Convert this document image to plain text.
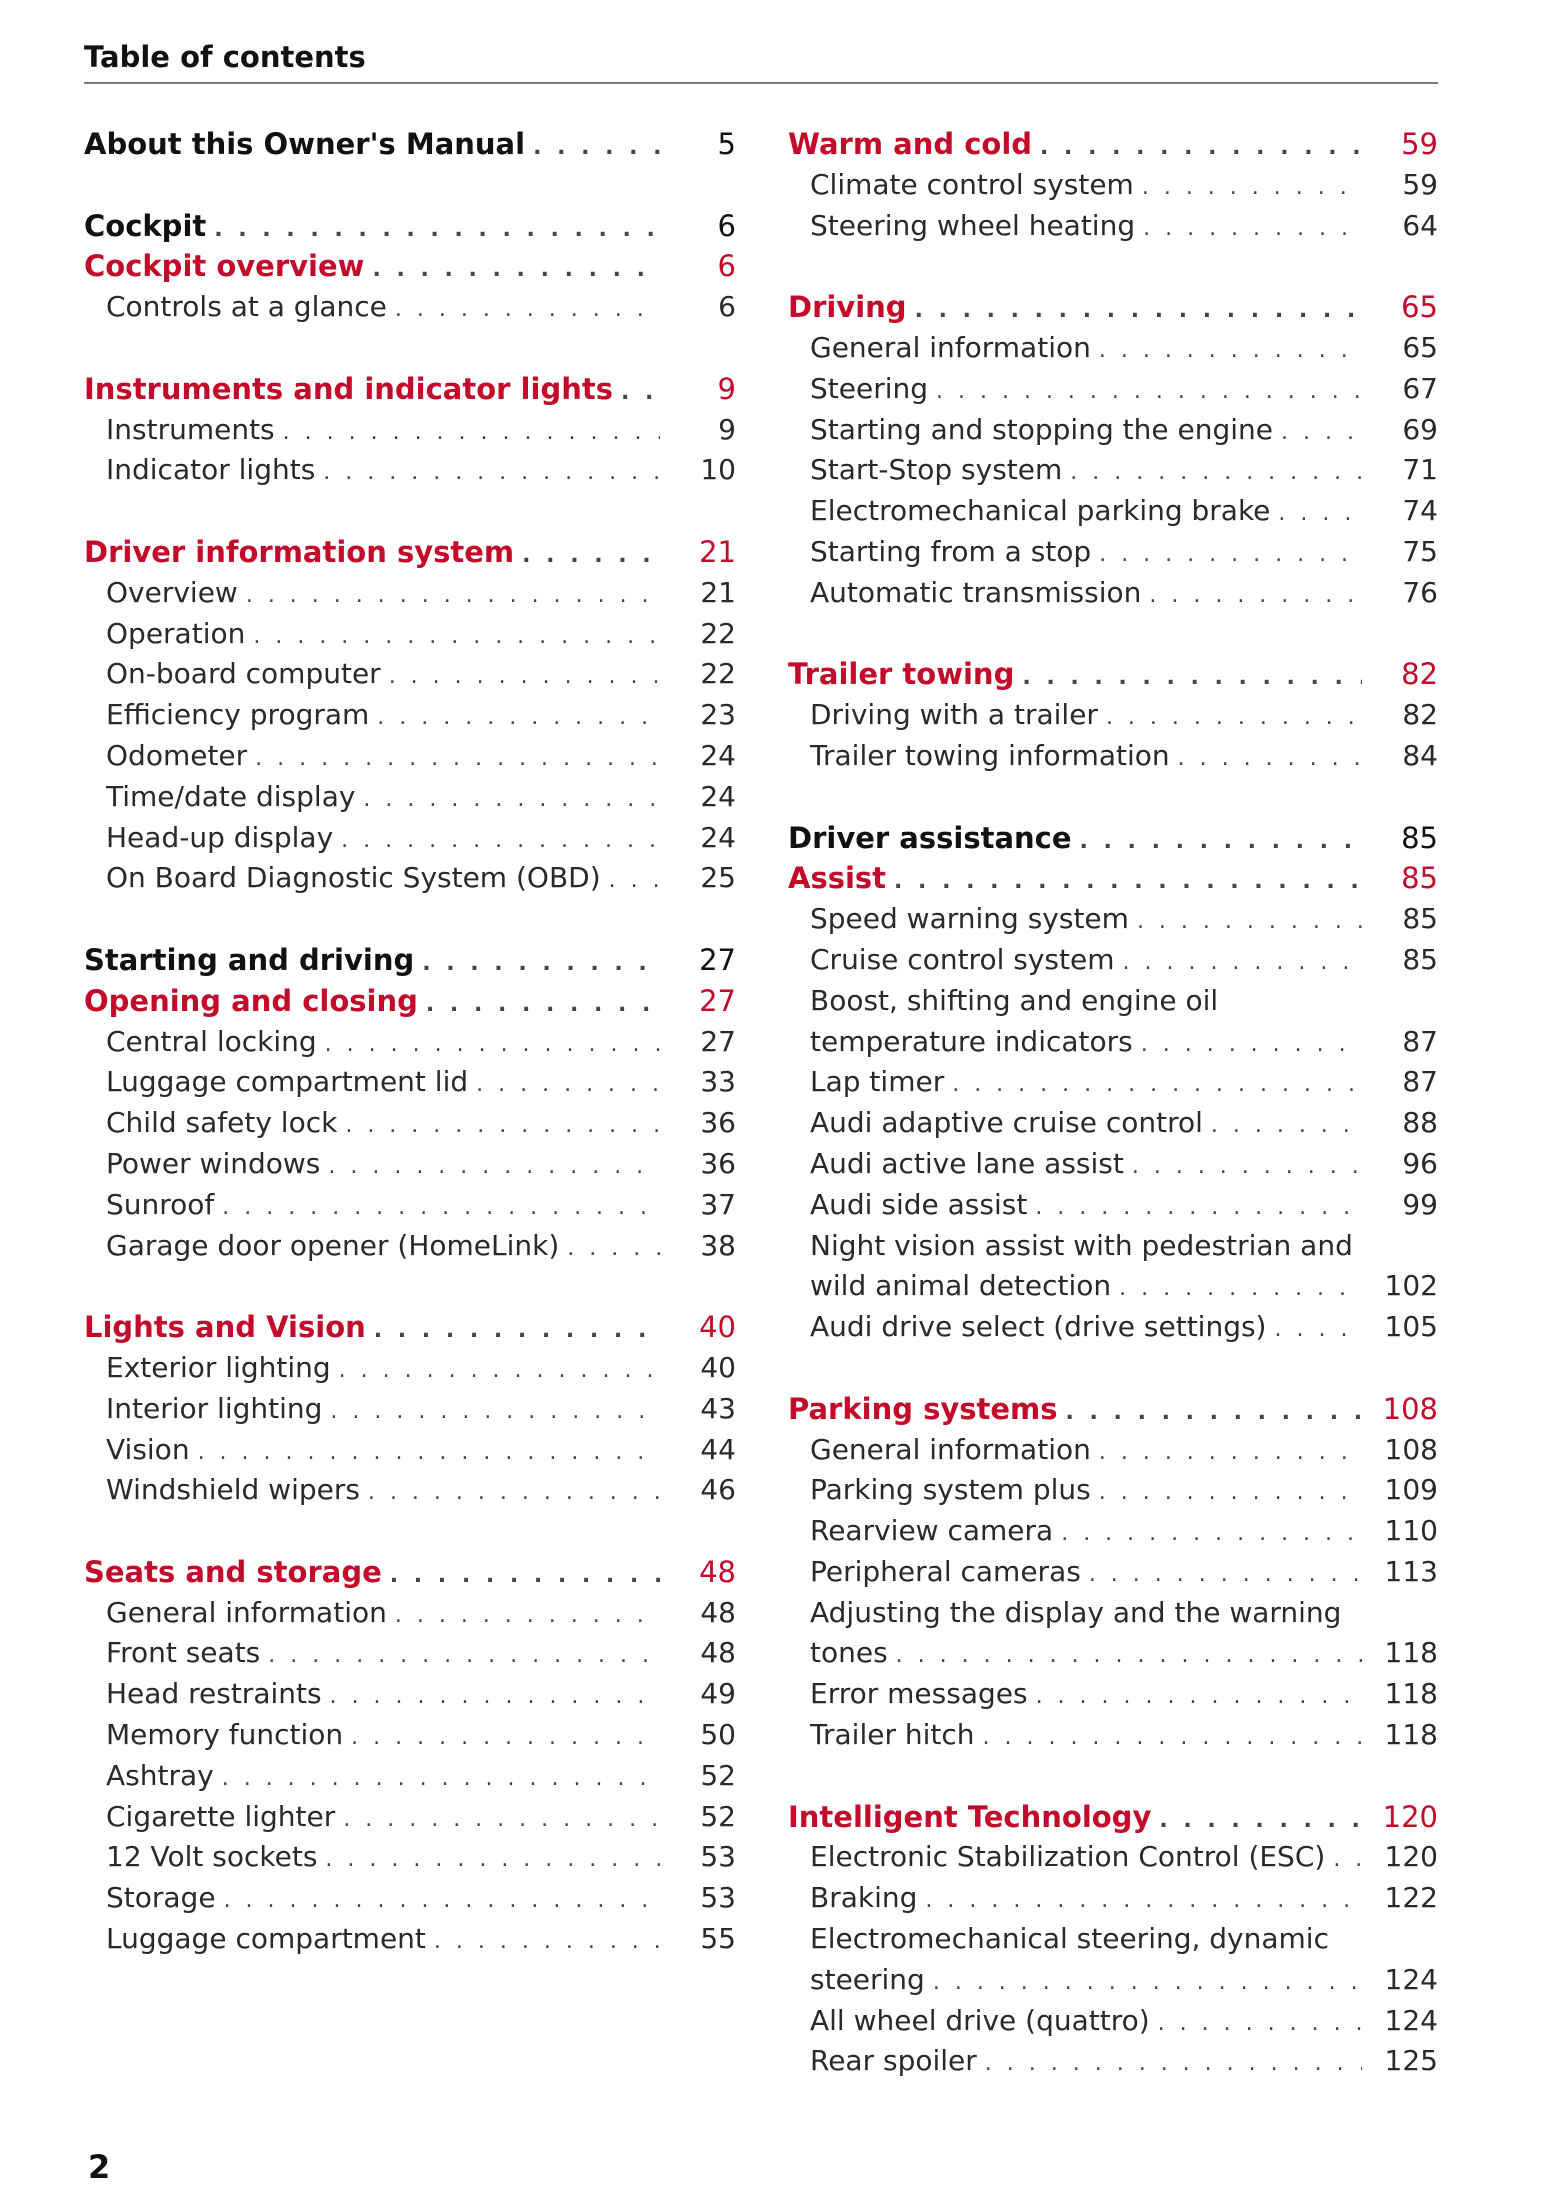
Table of contents
About this Owner's Manual . . .	5
Cockpit . . .	6
Cockpit overview . . .	6
Controls at a glance . . .	6
Instruments and indicator lights . . .	9
Instruments . . .	9
Indicator lights . . .	10
Driver information system . . .	21
Overview . . .	21
Operation . . .	22
On-board computer . . .	22
Efficiency program . . .	23
Odometer . . .	24
Time/date display . . .	24
Head-up display . . .	24
On Board Diagnostic System (OBD) . . .	25
Starting and driving . . .	27
Opening and closing . . .	27
Central locking . . .	27
Luggage compartment lid . . .	33
Child safety lock . . .	36
Power windows . . .	36
Sunroof . . .	37
Garage door opener (HomeLink) . . .	38
Lights and Vision . . .	40
Exterior lighting . . .	40
Interior lighting . . .	43
Vision . . .	44
Windshield wipers . . .	46
Seats and storage . . .	48
General information . . .	48
Front seats . . .	48
Head restraints . . .	49
Memory function . . .	50
Ashtray . . .	52
Cigarette lighter . . .	52
12 Volt sockets . . .	53
Storage . . .	53
Luggage compartment . . .	55
Warm and cold . . .	59
Climate control system . . .	59
Steering wheel heating . . .	64
Driving . . .	65
General information . . .	65
Steering . . .	67
Starting and stopping the engine . . .	69
Start-Stop system . . .	71
Electromechanical parking brake . . .	74
Starting from a stop . . .	75
Automatic transmission . . .	76
Trailer towing . . .	82
Driving with a trailer . . .	82
Trailer towing information . . .	84
Driver assistance . . .	85
Assist . . .	85
Speed warning system . . .	85
Cruise control system . . .	85
Boost, shifting and engine oil
temperature indicators . . .	87
Lap timer . . .	87
Audi adaptive cruise control . . .	88
Audi active lane assist . . .	96
Audi side assist . . .	99
Night vision assist with pedestrian and
wild animal detection . . .	102
Audi drive select (drive settings) . . .	105
Parking systems . . .	108
General information . . .	108
Parking system plus . . .	109
Rearview camera . . .	110
Peripheral cameras . . .	113
Adjusting the display and the warning
tones . . .	118
Error messages . . .	118
Trailer hitch . . .	118
Intelligent Technology . . .	120
Electronic Stabilization Control (ESC) . . . 120
Braking . . .	122
Electromechanical steering, dynamic
steering . . .	124
All wheel drive (quattro) . . .	124
Rear spoiler . . .	125
2
